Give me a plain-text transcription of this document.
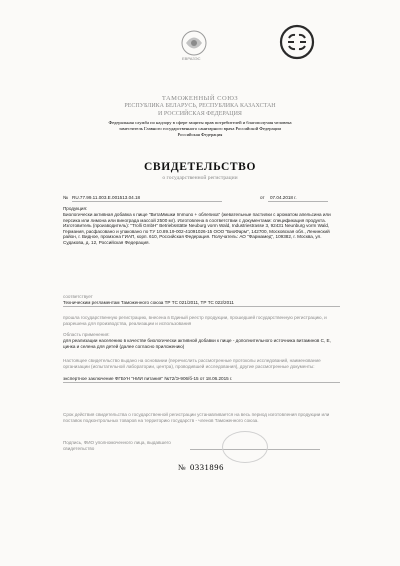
ЕВРАЗЭС
ТАМОЖЕННЫЙ СОЮЗ
РЕСПУБЛИКА БЕЛАРУСЬ, РЕСПУБЛИКА КАЗАХСТАН
И РОССИЙСКАЯ ФЕДЕРАЦИЯ
Федеральная служба по надзору в сфере защиты прав потребителей и благополучия человека
заместитель Главного государственного санитарного врача Российской Федерации
Российская Федерация
СВИДЕТЕЛЬСТВО
о государственной регистрации
№ RU.77.99.11.003.Е.001513.04.18	от 07.04.2018 г.
Продукция:
Биологически активная добавка к пище "ВитаМишки Immuno + облепиха" (жевательные пастилки с ароматом апельсина или персика или лимона или винограда массой 2500 мг). Изготовлена в соответствии с документами: спецификация продукта. Изготовитель (производитель): "Trolli GmbH" Betriebsstätte Neuburg vorm Wald, Industriestrasse 3, 92431 Neunburg vorm Wald, Германия, расфасовано и упаковано по ТУ 10.89.19-002-41091026-15 ООО "БиоФарм", 142700, Московская обл., Ленинский район, г. Видное, промзона ГИАП, корп. 610, Российская Федерация. Получатель: АО "Фармамед", 109382, г. Москва, ул. Судакова, д. 12, Российская Федерация.
соответствует
Техническим регламентам Таможенного союза ТР ТС 021/2011, ТР ТС 022/2011
прошла государственную регистрацию, внесена в Единый реестр продукции, прошедшей государственную регистрацию, и разрешена для производства, реализации и использования
Область применения:
для реализации населению в качестве биологически активной добавки к пище - дополнительного источника витаминов С, Е, цинка и селена для детей (далее согласно приложению)
Настоящее свидетельство выдано на основании (перечислить рассмотренные протоколы исследований, наименование организации (испытательной лаборатории, центра), проводившей исследования), другие рассмотренные документы:
экспертное заключение ФГБУН "НИИ питания" №72/Э-906/б-15 от 18.06.2015 г.
Срок действия свидетельства о государственной регистрации устанавливается на весь период изготовления продукции или поставок подконтрольных товаров на территорию государств - членов Таможенного союза.
Подпись, ФИО уполномоченного лица, выдавшего свидетельство
№ 0331896
